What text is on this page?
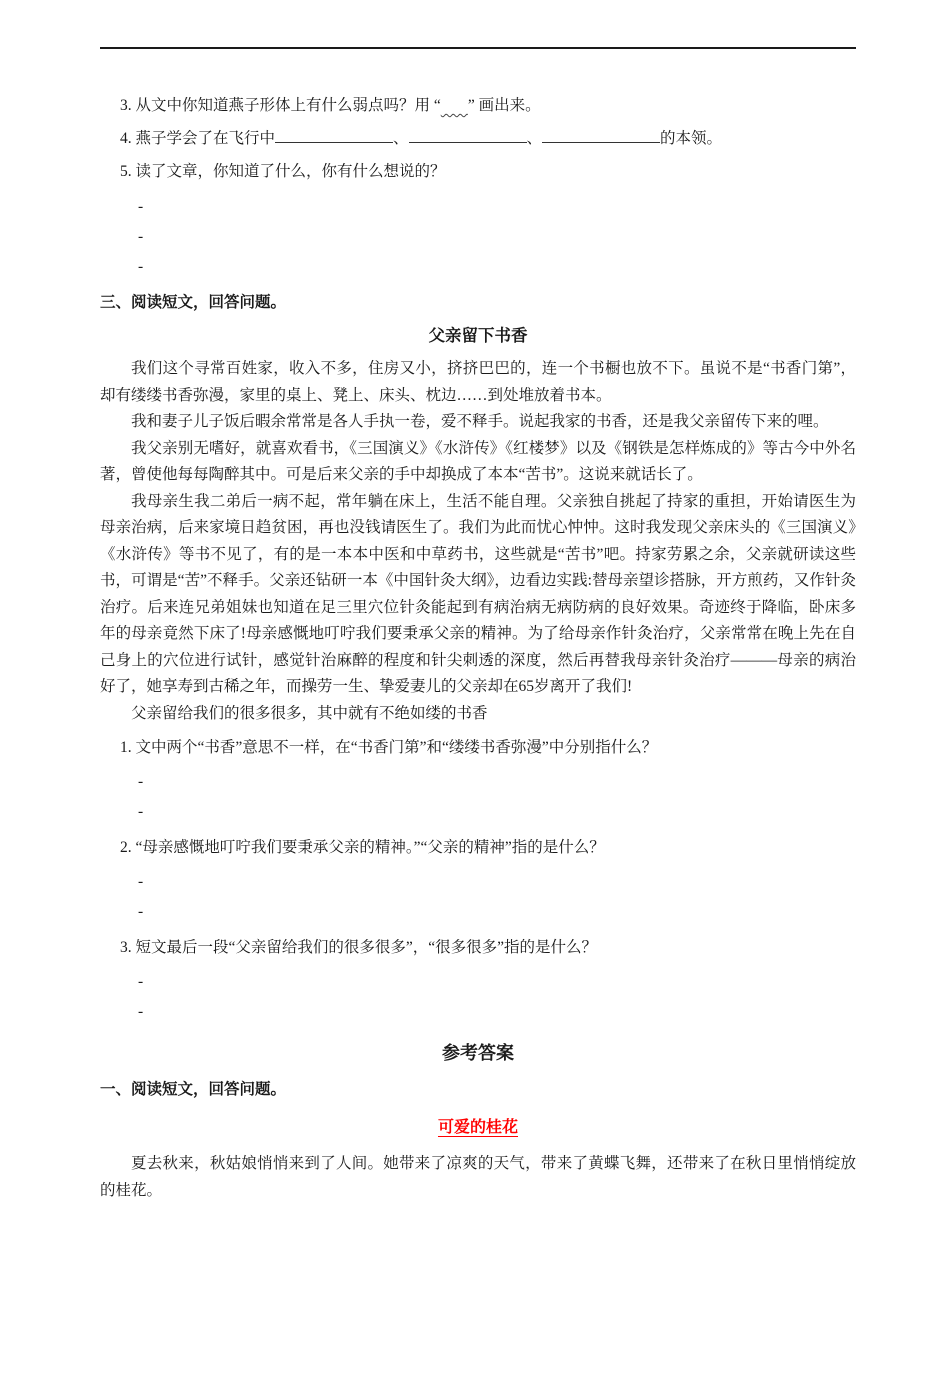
3. 从文中你知道燕子形体上有什么弱点吗？用 “ ” 画出来。

4. 燕子学会了在飞行中	、	、	的本领。

5. 读了文章，你知道了什么，你有什么想说的？

-
-
-
三、阅读短文，回答问题。
父亲留下书香

我们这个寻常百姓家，收入不多，住房又小，挤挤巴巴的，连一个书橱也放不下。虽说不是“书香门第”，却有缕缕书香弥漫，家里的桌上、凳上、床头、枕边……到处堆放着书本。

我和妻子儿子饭后暇余常常是各人手执一卷，爱不释手。说起我家的书香，还是我父亲留传下来的哩。

我父亲别无嗜好，就喜欢看书，《三国演义》《水浒传》《红楼梦》以及《钢铁是怎样炼成的》等古今中外名著，曾使他每每陶醉其中。可是后来父亲的手中却换成了本本“苦书”。这说来就话长了。

我母亲生我二弟后一病不起，常年躺在床上，生活不能自理。父亲独自挑起了持家的重担，开始请医生为母亲治病，后来家境日趋贫困，再也没钱请医生了。我们为此而忧心忡忡。这时我发现父亲床头的《三国演义》《水浒传》等书不见了，有的是一本本中医和中草药书，这些就是“苦书”吧。持家劳累之余，父亲就研读这些书，可谓是“苦”不释手。父亲还钻研一本《中国针灸大纲》，边看边实践:替母亲望诊搭脉，开方煎药，又作针灸治疗。后来连兄弟姐妹也知道在足三里穴位针灸能起到有病治病无病防病的良好效果。奇迹终于降临，卧床多年的母亲竟然下床了!母亲感慨地叮咛我们要秉承父亲的精神。为了给母亲作针灸治疗，父亲常常在晚上先在自己身上的穴位进行试针，感觉针治麻醉的程度和针尖刺透的深度，然后再替我母亲针灸治疗———母亲的病治好了，她享寿到古稀之年，而操劳一生、挚爱妻儿的父亲却在65岁离开了我们!

父亲留给我们的很多很多，其中就有不绝如缕的书香

1. 文中两个“书香”意思不一样，在“书香门第”和“缕缕书香弥漫”中分别指什么？

-
-

2. “母亲感慨地叮咛我们要秉承父亲的精神。”“父亲的精神”指的是什么？

-
-

3. 短文最后一段“父亲留给我们的很多很多”，“很多很多”指的是什么？

-
-
参考答案
一、阅读短文，回答问题。
可爱的桂花

夏去秋来，秋姑娘悄悄来到了人间。她带来了凉爽的天气，带来了黄蝶飞舞，还带来了在秋日里悄悄绽放的桂花。
